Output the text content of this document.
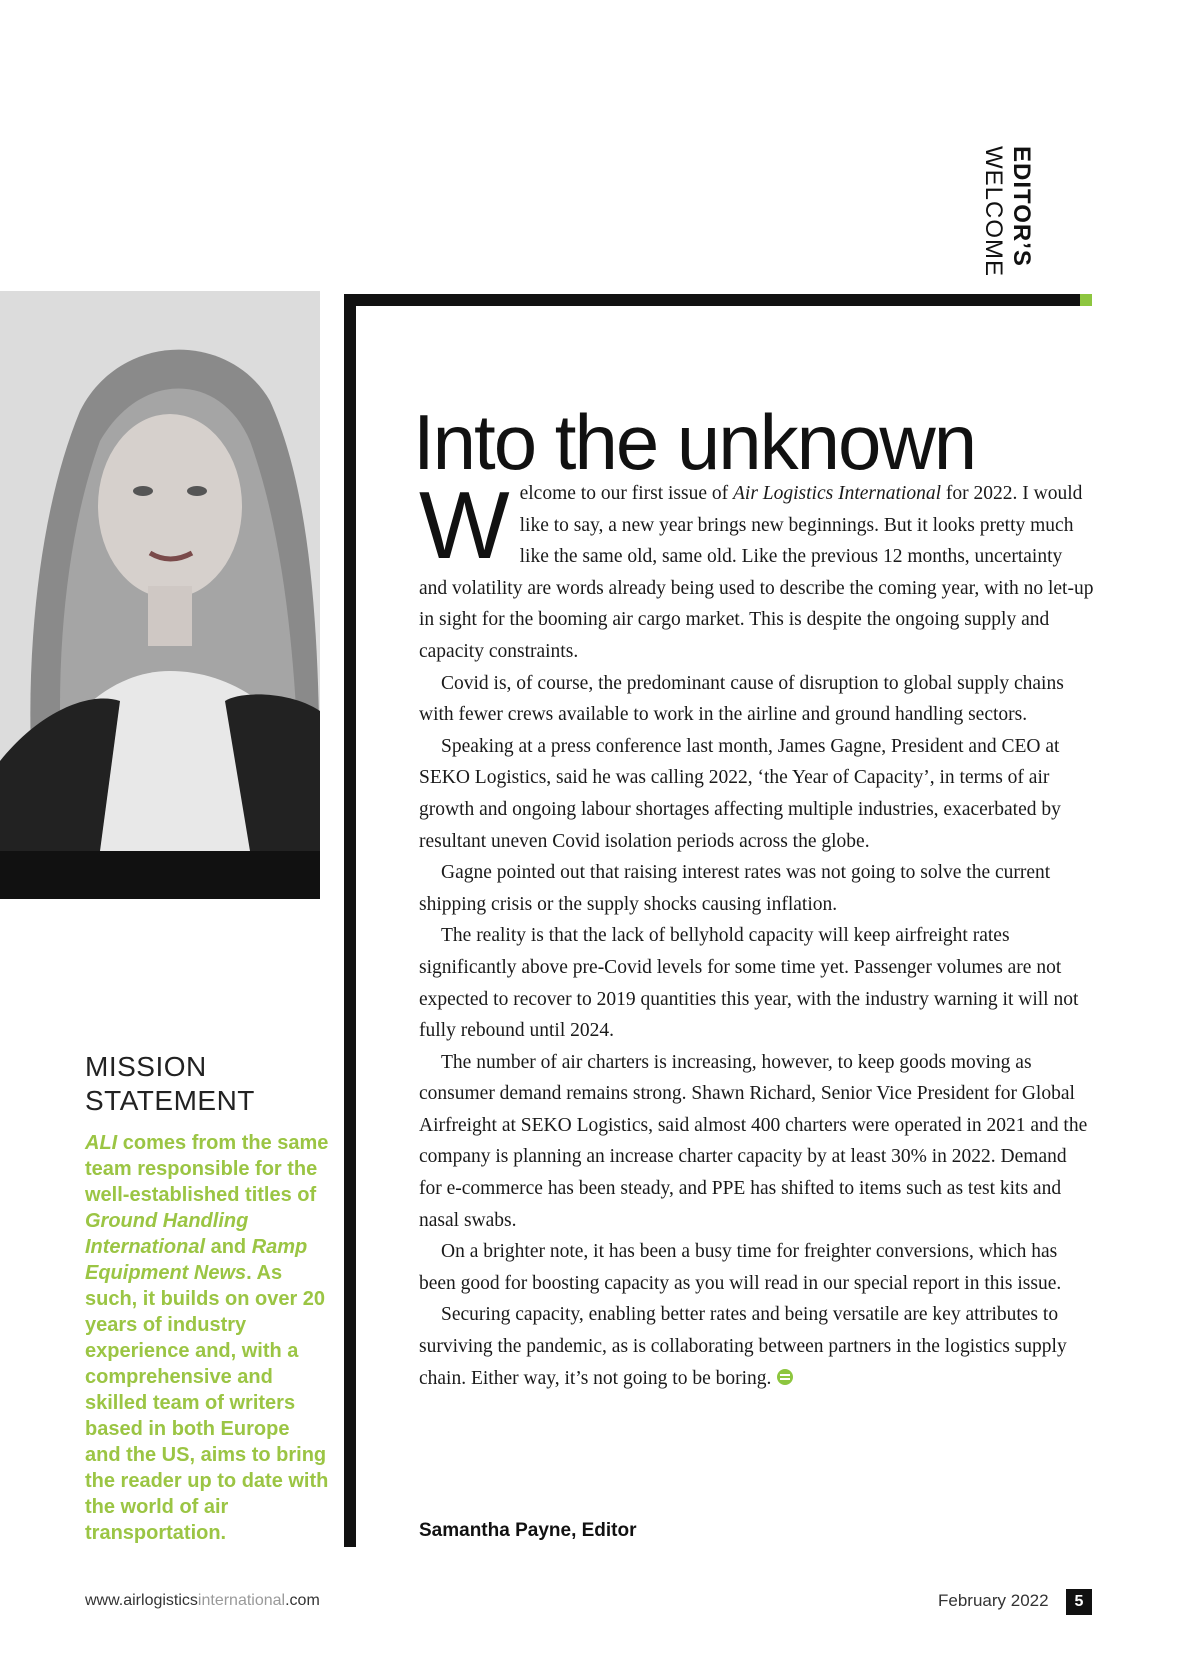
EDITOR’S
WELCOME
MISSION
STATEMENT
ALI comes from the same team responsible for the well-established titles of Ground Handling International and Ramp Equipment News. As such, it builds on over 20 years of industry experience and, with a comprehensive and skilled team of writers based in both Europe and the US, aims to bring the reader up to date with the world of air transportation.
Into the unknown

Welcome to our first issue of Air Logistics International for 2022. I would like to say, a new year brings new beginnings. But it looks pretty much like the same old, same old. Like the previous 12 months, uncertainty and volatility are words already being used to describe the coming year, with no let-up in sight for the booming air cargo market. This is despite the ongoing supply and capacity constraints.

Covid is, of course, the predominant cause of disruption to global supply chains with fewer crews available to work in the airline and ground handling sectors.

Speaking at a press conference last month, James Gagne, President and CEO at SEKO Logistics, said he was calling 2022, ‘the Year of Capacity’, in terms of air growth and ongoing labour shortages affecting multiple industries, exacerbated by resultant uneven Covid isolation periods across the globe.

Gagne pointed out that raising interest rates was not going to solve the current shipping crisis or the supply shocks causing inflation.

The reality is that the lack of bellyhold capacity will keep airfreight rates significantly above pre-Covid levels for some time yet. Passenger volumes are not expected to recover to 2019 quantities this year, with the industry warning it will not fully rebound until 2024.

The number of air charters is increasing, however, to keep goods moving as consumer demand remains strong. Shawn Richard, Senior Vice President for Global Airfreight at SEKO Logistics, said almost 400 charters were operated in 2021 and the company is planning an increase charter capacity by at least 30% in 2022. Demand for e-commerce has been steady, and PPE has shifted to items such as test kits and nasal swabs.

On a brighter note, it has been a busy time for freighter conversions, which has been good for boosting capacity as you will read in our special report in this issue.

Securing capacity, enabling better rates and being versatile are key attributes to surviving the pandemic, as is collaborating between partners in the logistics supply chain. Either way, it’s not going to be boring.

Samantha Payne, Editor
www.airlogisticsinternational.com	February 2022	5
